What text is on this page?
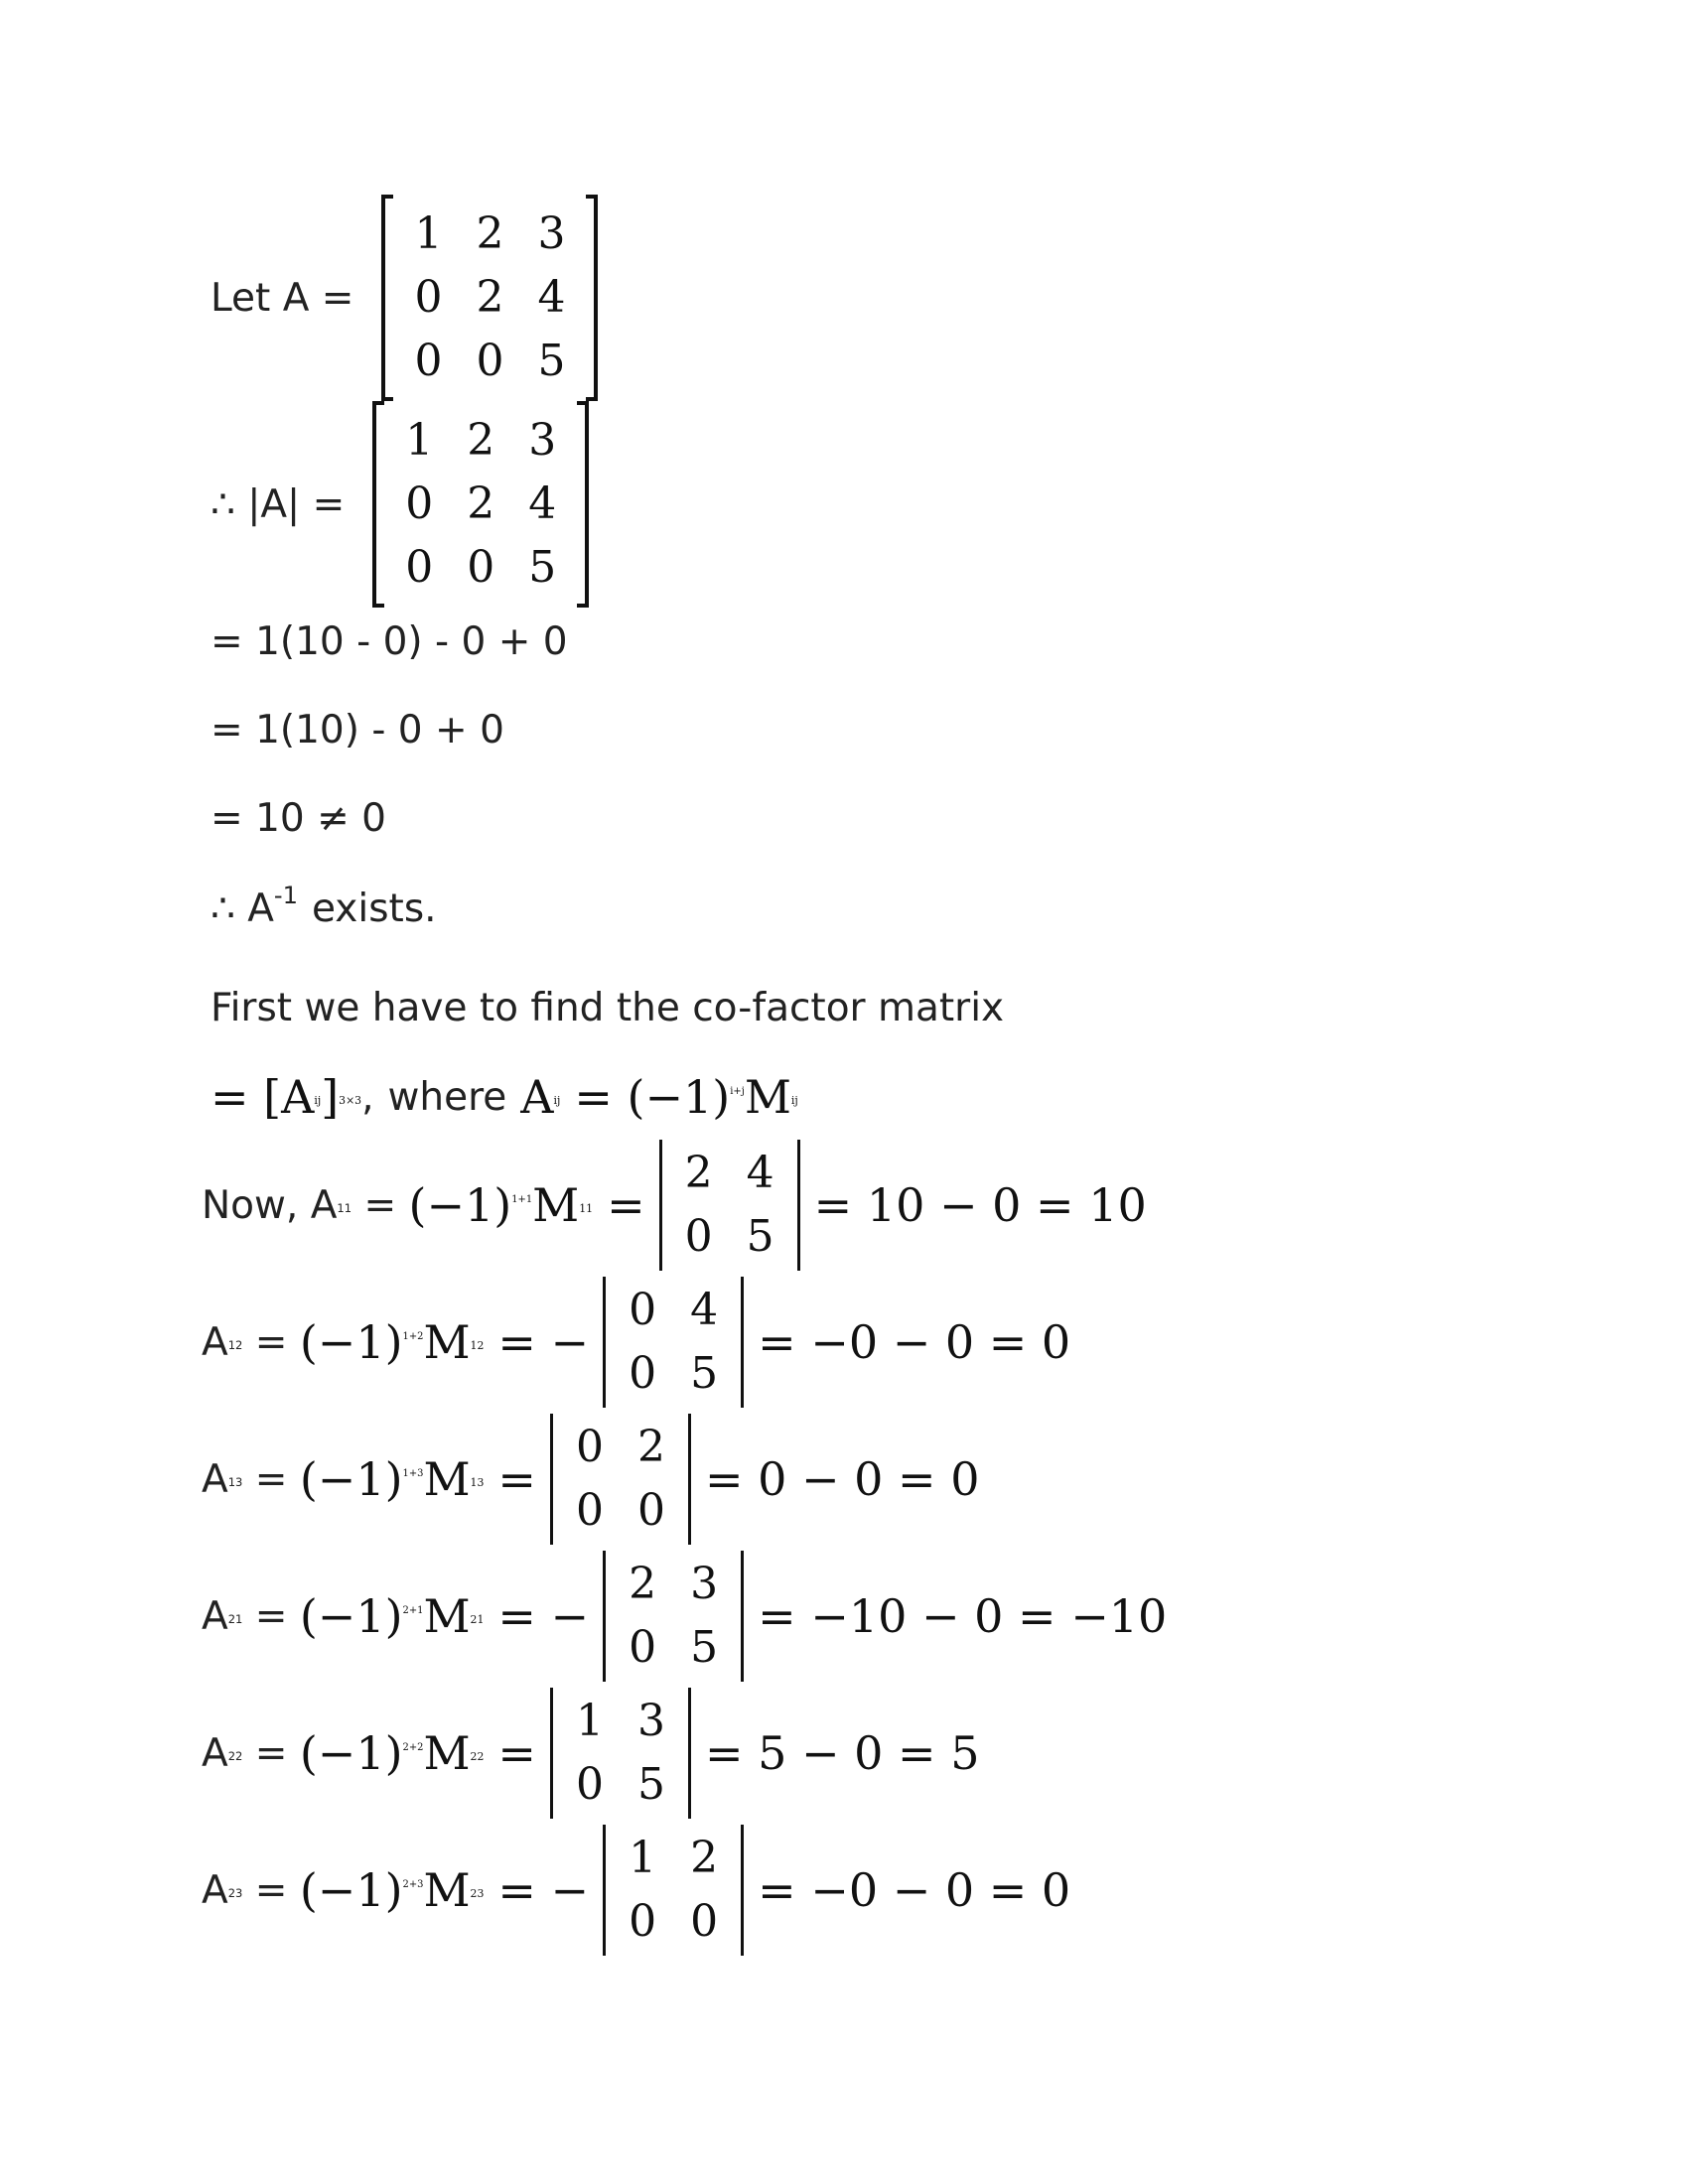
Let A =
1 2 3
0 2 4
0 0 5
∴ |A| =
1 2 3
0 2 4
0 0 5
= 1(10 - 0) - 0 + 0
= 1(10) - 0 + 0
= 10 ≠ 0
∴ A -1 exists.
First we have to find the co-factor matrix
= [A ij ] 3×3 , where A ij = (−1) i+j M ij
Now, A 11 = (−1) 1+1 M 11 =
2 4
0 5
= 10 − 0 = 10
A 12 = (−1) 1+2 M 12 = −
0 4
0 5
= −0 − 0 = 0
A 13 = (−1) 1+3 M 13 =
0 2
0 0
= 0 − 0 = 0
A 21 = (−1) 2+1 M 21 = −
2 3
0 5
= −10 − 0 = −10
A 22 = (−1) 2+2 M 22 =
1 3
0 5
= 5 − 0 = 5
A 23 = (−1) 2+3 M 23 = −
1 2
0 0
= −0 − 0 = 0
